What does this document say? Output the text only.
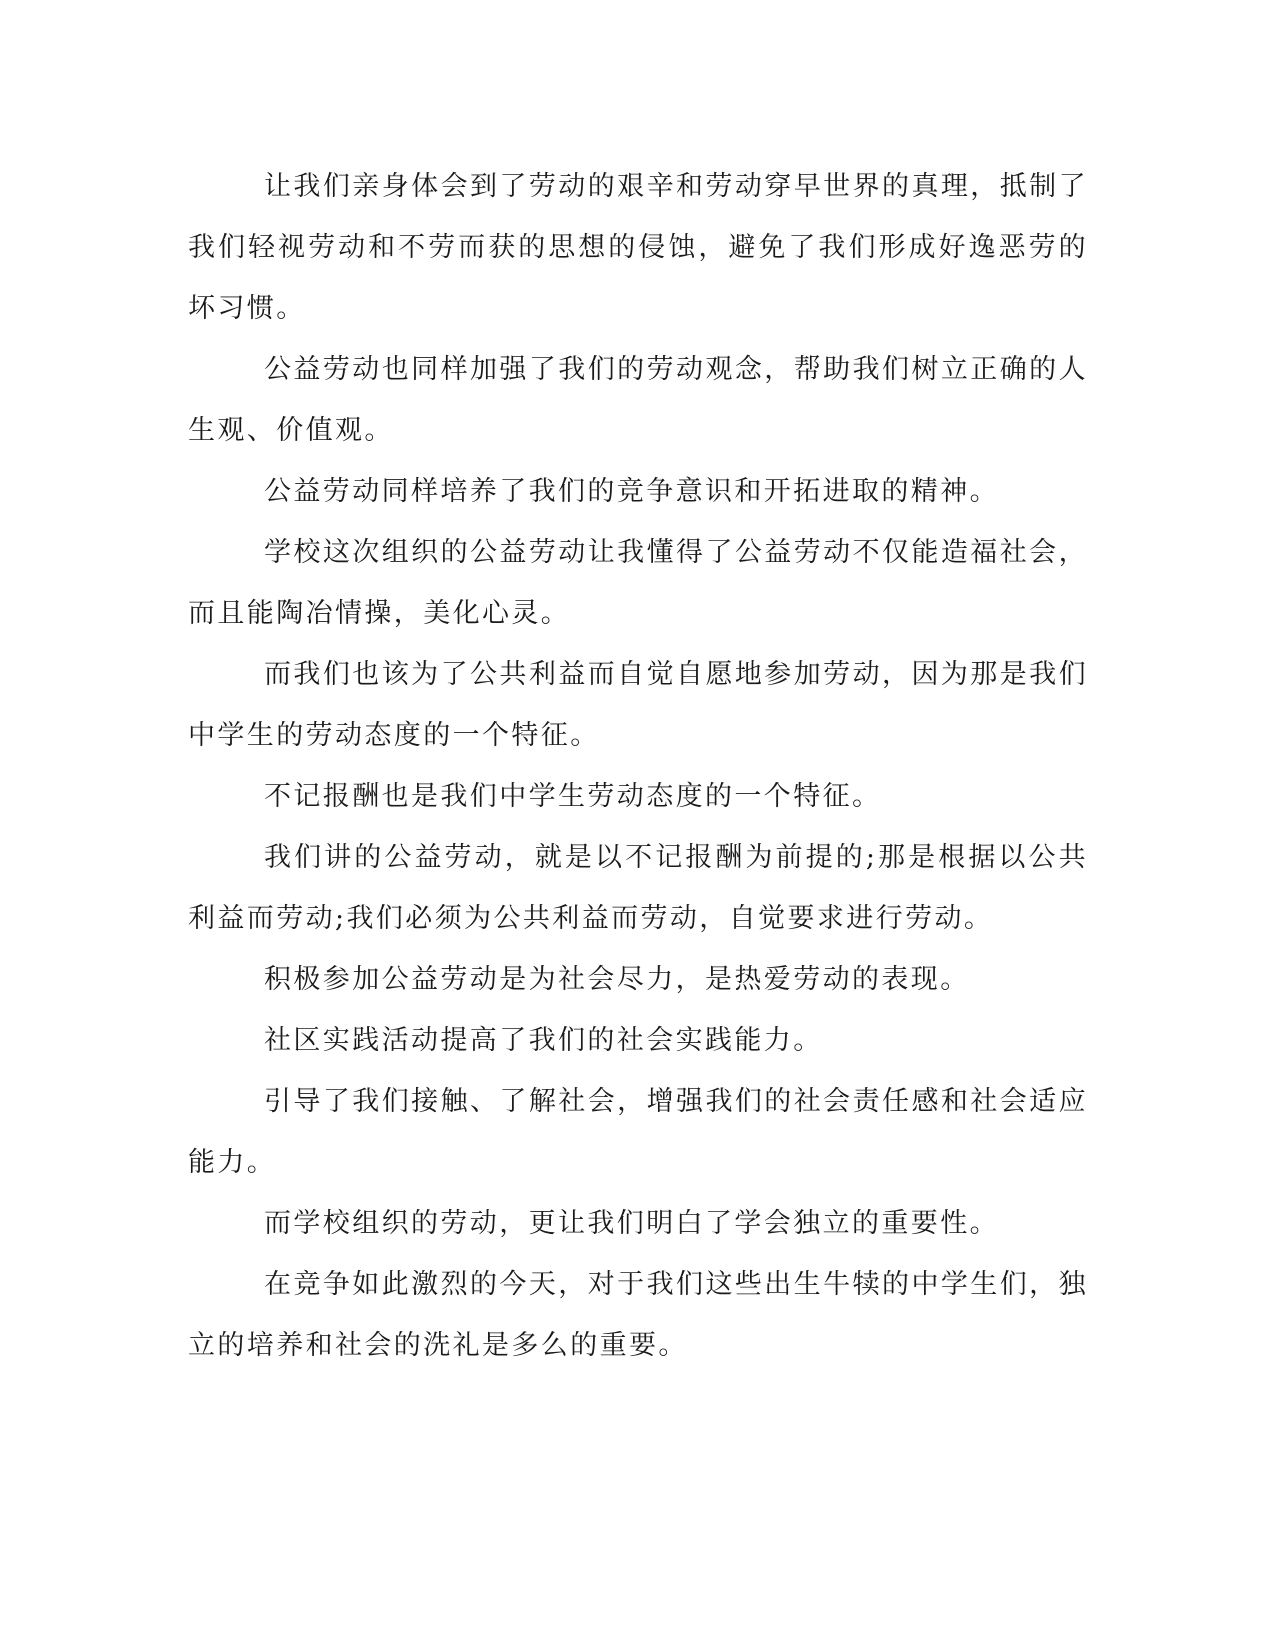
让我们亲身体会到了劳动的艰辛和劳动穿早世界的真理，抵制了我们轻视劳动和不劳而获的思想的侵蚀，避免了我们形成好逸恶劳的坏习惯。

公益劳动也同样加强了我们的劳动观念，帮助我们树立正确的人生观、价值观。

公益劳动同样培养了我们的竞争意识和开拓进取的精神。

学校这次组织的公益劳动让我懂得了公益劳动不仅能造福社会，而且能陶冶情操，美化心灵。

而我们也该为了公共利益而自觉自愿地参加劳动，因为那是我们中学生的劳动态度的一个特征。

不记报酬也是我们中学生劳动态度的一个特征。

我们讲的公益劳动，就是以不记报酬为前提的;那是根据以公共利益而劳动;我们必须为公共利益而劳动，自觉要求进行劳动。

积极参加公益劳动是为社会尽力，是热爱劳动的表现。

社区实践活动提高了我们的社会实践能力。

引导了我们接触、了解社会，增强我们的社会责任感和社会适应能力。

而学校组织的劳动，更让我们明白了学会独立的重要性。

在竞争如此激烈的今天，对于我们这些出生牛犊的中学生们，独立的培养和社会的洗礼是多么的重要。
